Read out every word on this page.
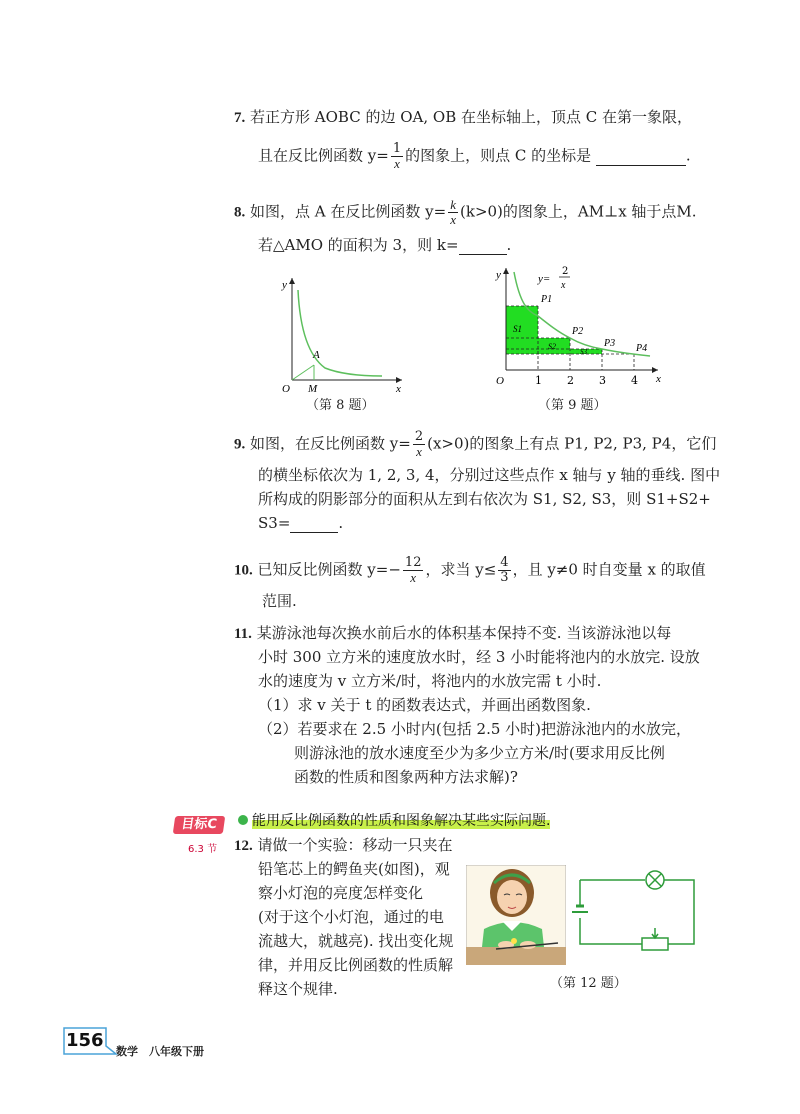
7. 若正方形 AOBC 的边 OA, OB 在坐标轴上，顶点 C 在第一象限，
且在反比例函数 $y= \frac{1}{x}$ 的图象上，则点 C 的坐标是	.
8. 如图，点 A 在反比例函数 $y= \frac{k}{x} (k>0)$的图象上，AM⊥x 轴于点M.
若△AMO 的面积为 3，则 k=	.
O M
A
y
x
（第 8 题）
y
x
O	1 2 3 4
y=
2
x
P1
P2
P3 P4
S1
S2
S3
（第 9 题）
9. 如图，在反比例函数 $y= \frac{2}{x} (x>0)$的图象上有点 P1, P2, P3, P4，它们
的横坐标依次为 1, 2, 3, 4，分别过这些点作 x 轴与 y 轴的垂线. 图中
所构成的阴影部分的面积从左到右依次为 S1, S2, S3，则 S1+S2+
S3=	.
10. 已知反比例函数 $y=- \frac{12}{x}$ ，求当 $y\le \frac{4}{3}$ ，且 y≠0 时自变量 x 的取值
范围.
11. 某游泳池每次换水前后水的体积基本保持不变. 当该游泳池以每
小时 300 立方米的速度放水时，经 3 小时能将池内的水放完. 设放
水的速度为 v 立方米/时，将池内的水放完需 t 小时.
（1）求 v 关于 t 的函数表达式，并画出函数图象.
（2）若要求在 2.5 小时内(包括 2.5 小时)把游泳池内的水放完，
则游泳池的放水速度至少为多少立方米/时(要求用反比例
函数的性质和图象两种方法求解)?
目标C
6.3 节
能用反比例函数的性质和图象解决某些实际问题.
12. 请做一个实验：移动一只夹在
铅笔芯上的鳄鱼夹(如图)，观
察小灯泡的亮度怎样变化
(对于这个小灯泡，通过的电
流越大，就越亮). 找出变化规
律，并用反比例函数的性质解
释这个规律.	（第 12 题）
156
数学　八年级下册
